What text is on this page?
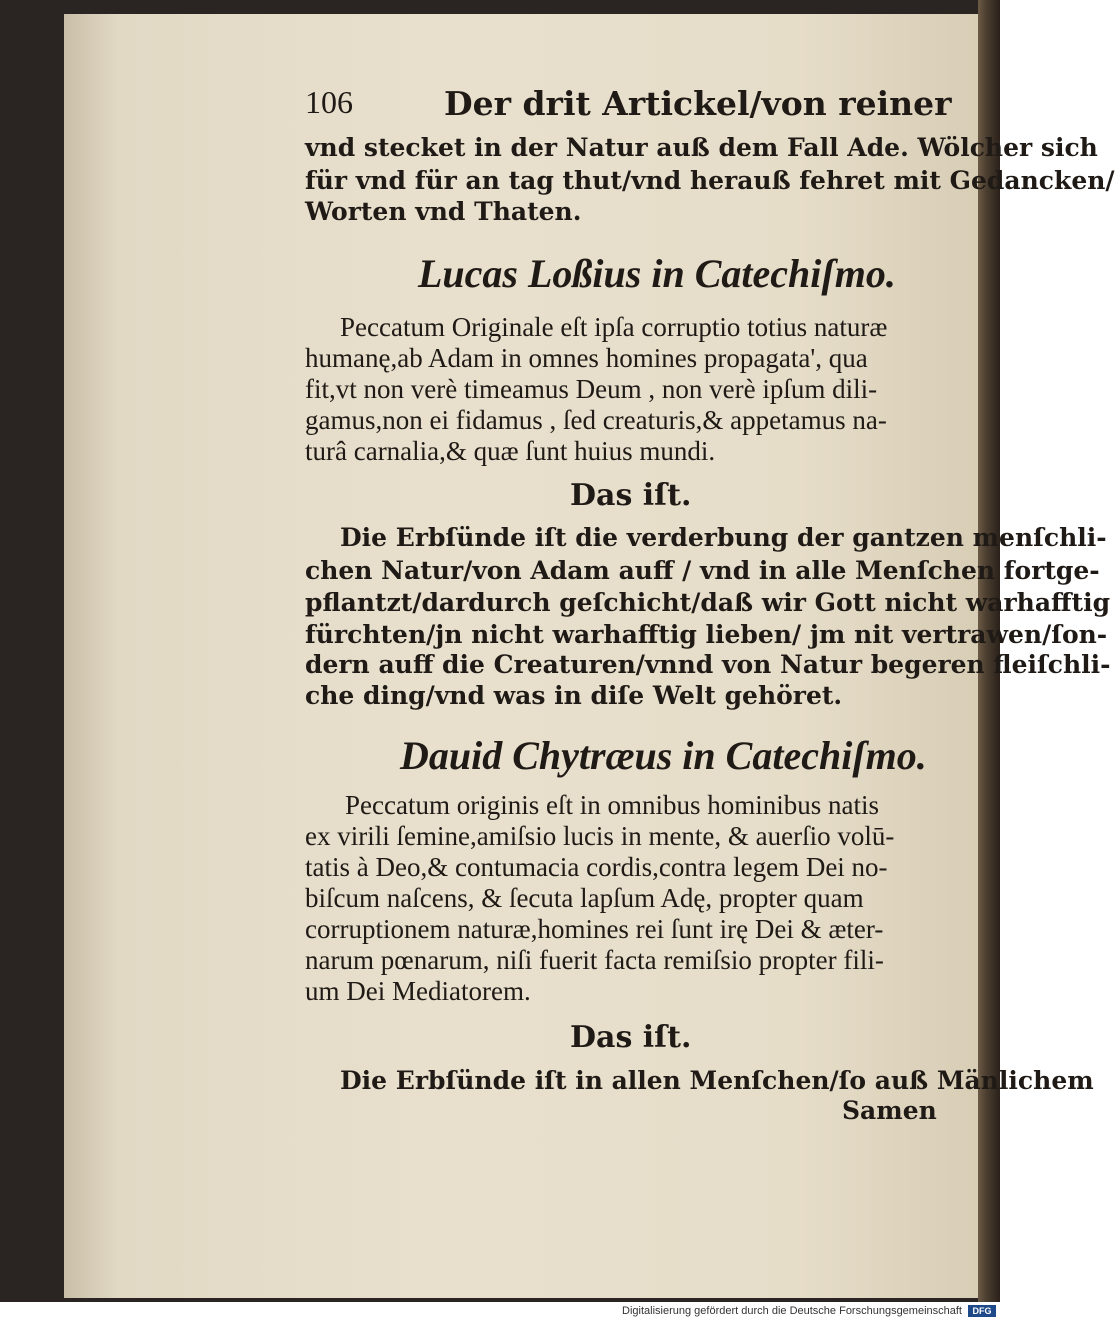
106	Der drit Artickel/von reiner
vnd stecket in der Natur auß dem Fall Ade. Wölcher sich
für vnd für an tag thut/vnd herauß fehret mit Gedancken/
Worten vnd Thaten.
Lucas Loßius in Catechiſmo.
Peccatum Originale eſt ipſa corruptio totius naturæ
humanę,ab Adam in omnes homines propagata', qua
fit,vt non verè timeamus Deum , non verè ipſum dili-
gamus,non ei fidamus , ſed creaturis,& appetamus na-
turâ carnalia,& quæ ſunt huius mundi.
Das iſt.
Die Erbſünde iſt die verderbung der gantzen menſchli-
chen Natur/von Adam auff / vnd in alle Menſchen fortge-
pflantzt/dardurch geſchicht/daß wir Gott nicht warhafftig
fürchten/jn nicht warhafftig lieben/ jm nit vertrawen/ſon-
dern auff die Creaturen/vnnd von Natur begeren fleiſchli-
che ding/vnd was in diſe Welt gehöret.
Dauid Chytræus in Catechiſmo.
Peccatum originis eſt in omnibus hominibus natis
ex virili ſemine,amiſsio lucis in mente, & auerſio volū-
tatis à Deo,& contumacia cordis,contra legem Dei no-
biſcum naſcens, & ſecuta lapſum Adę, propter quam
corruptionem naturæ,homines rei ſunt irę Dei & æter-
narum pœnarum, niſi fuerit facta remiſsio propter fili-
um Dei Mediatorem.
Das iſt.
Die Erbſünde iſt in allen Menſchen/ſo auß Mänlichem
Samen
Digitalisierung gefördert durch die Deutsche Forschungsgemeinschaft	DFG
